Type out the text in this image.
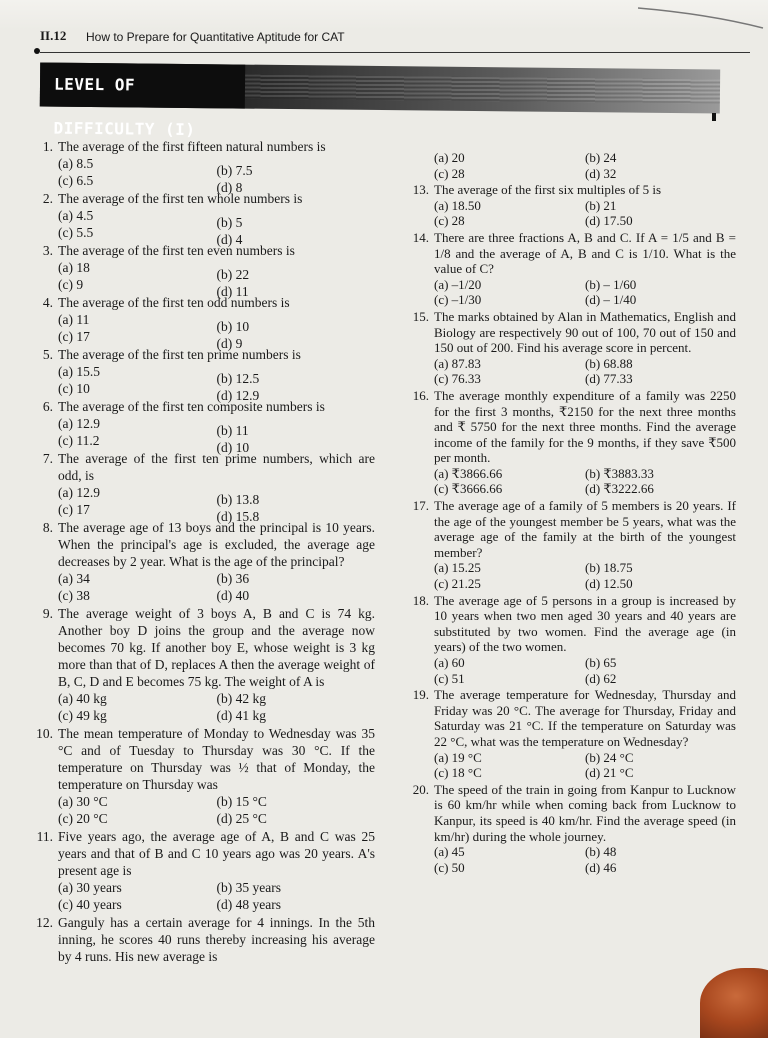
II.12 How to Prepare for Quantitative Aptitude for CAT
LEVEL OF DIFFICULTY (I)
1. The average of the first fifteen natural numbers is
(a) 8.5	(b) 7.5
(c) 6.5	(d) 8
2. The average of the first ten whole numbers is
(a) 4.5	(b) 5
(c) 5.5	(d) 4
3. The average of the first ten even numbers is
(a) 18	(b) 22
(c) 9	(d) 11
4. The average of the first ten odd numbers is
(a) 11	(b) 10
(c) 17	(d) 9
5. The average of the first ten prime numbers is
(a) 15.5	(b) 12.5
(c) 10	(d) 12.9
6. The average of the first ten composite numbers is
(a) 12.9	(b) 11
(c) 11.2	(d) 10
7. The average of the first ten prime numbers, which are odd, is
(a) 12.9	(b) 13.8
(c) 17	(d) 15.8
8. The average age of 13 boys and the principal is 10 years. When the principal's age is excluded, the average age decreases by 2 year. What is the age of the principal?
(a) 34	(b) 36
(c) 38	(d) 40
9. The average weight of 3 boys A, B and C is 74 kg. Another boy D joins the group and the average now becomes 70 kg. If another boy E, whose weight is 3 kg more than that of D, replaces A then the average weight of B, C, D and E becomes 75 kg. The weight of A is
(a) 40 kg	(b) 42 kg
(c) 49 kg	(d) 41 kg
10. The mean temperature of Monday to Wednesday was 35 °C and of Tuesday to Thursday was 30 °C. If the temperature on Thursday was ½ that of Monday, the temperature on Thursday was
(a) 30 °C	(b) 15 °C
(c) 20 °C	(d) 25 °C
11. Five years ago, the average age of A, B and C was 25 years and that of B and C 10 years ago was 20 years. A's present age is
(a) 30 years	(b) 35 years
(c) 40 years	(d) 48 years
12. Ganguly has a certain average for 4 innings. In the 5th inning, he scores 40 runs thereby increasing his average by 4 runs. His new average is
(a) 20	(b) 24
(c) 28	(d) 32
13. The average of the first six multiples of 5 is
(a) 18.50	(b) 21
(c) 28	(d) 17.50
14. There are three fractions A, B and C. If A = 1/5 and B = 1/8 and the average of A, B and C is 1/10. What is the value of C?
(a) –1/20	(b) – 1/60
(c) –1/30	(d) – 1/40
15. The marks obtained by Alan in Mathematics, English and Biology are respectively 90 out of 100, 70 out of 150 and 150 out of 200. Find his average score in percent.
(a) 87.83	(b) 68.88
(c) 76.33	(d) 77.33
16. The average monthly expenditure of a family was 2250 for the first 3 months, ₹2150 for the next three months and ₹ 5750 for the next three months. Find the average income of the family for the 9 months, if they save ₹500 per month.
(a) ₹3866.66	(b) ₹3883.33
(c) ₹3666.66	(d) ₹3222.66
17. The average age of a family of 5 members is 20 years. If the age of the youngest member be 5 years, what was the average age of the family at the birth of the youngest member?
(a) 15.25	(b) 18.75
(c) 21.25	(d) 12.50
18. The average age of 5 persons in a group is increased by 10 years when two men aged 30 years and 40 years are substituted by two women. Find the average age (in years) of the two women.
(a) 60	(b) 65
(c) 51	(d) 62
19. The average temperature for Wednesday, Thursday and Friday was 20 °C. The average for Thursday, Friday and Saturday was 21 °C. If the temperature on Saturday was 22 °C, what was the temperature on Wednesday?
(a) 19 °C	(b) 24 °C
(c) 18 °C	(d) 21 °C
20. The speed of the train in going from Kanpur to Lucknow is 60 km/hr while when coming back from Lucknow to Kanpur, its speed is 40 km/hr. Find the average speed (in km/hr) during the whole journey.
(a) 45	(b) 48
(c) 50	(d) 46
